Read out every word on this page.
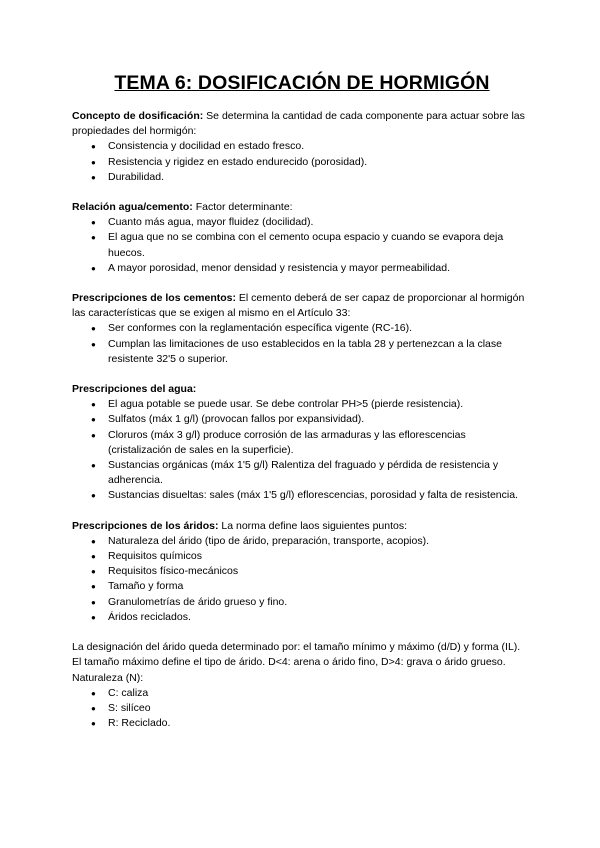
TEMA 6: DOSIFICACIÓN DE HORMIGÓN

Concepto de dosificación: Se determina la cantidad de cada componente para actuar sobre las propiedades del hormigón:

● Consistencia y docilidad en estado fresco.
● Resistencia y rigidez en estado endurecido (porosidad).
● Durabilidad.

Relación agua/cemento: Factor determinante:

● Cuanto más agua, mayor fluidez (docilidad).
● El agua que no se combina con el cemento ocupa espacio y cuando se evapora deja huecos.
● A mayor porosidad, menor densidad y resistencia y mayor permeabilidad.

Prescripciones de los cementos: El cemento deberá de ser capaz de proporcionar al hormigón las características que se exigen al mismo en el Artículo 33:

● Ser conformes con la reglamentación específica vigente (RC-16).
● Cumplan las limitaciones de uso establecidos en la tabla 28 y pertenezcan a la clase resistente 32'5 o superior.

Prescripciones del agua:

● El agua potable se puede usar. Se debe controlar PH>5 (pierde resistencia).
● Sulfatos (máx 1 g/l) (provocan fallos por expansividad).
● Cloruros (máx 3 g/l) produce corrosión de las armaduras y las eflorescencias (cristalización de sales en la superficie).
● Sustancias orgánicas (máx 1'5 g/l) Ralentiza del fraguado y pérdida de resistencia y adherencia.
● Sustancias disueltas: sales (máx 1'5 g/l) eflorescencias, porosidad y falta de resistencia.

Prescripciones de los áridos: La norma define laos siguientes puntos:

● Naturaleza del árido (tipo de árido, preparación, transporte, acopios).
● Requisitos químicos
● Requisitos físico-mecánicos
● Tamaño y forma
● Granulometrías de árido grueso y fino.
● Áridos reciclados.

La designación del árido queda determinado por: el tamaño mínimo y máximo (d/D) y forma (IL).

El tamaño máximo define el tipo de árido. D<4: arena o árido fino, D>4: grava o árido grueso.

Naturaleza (N):

● C: caliza
● S: silíceo
● R: Reciclado.
